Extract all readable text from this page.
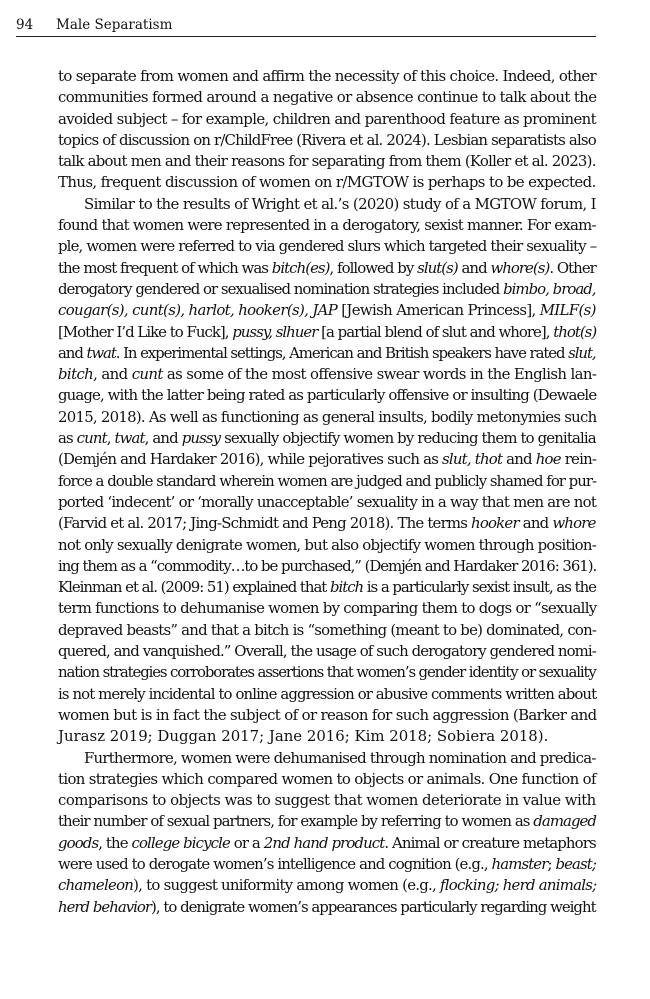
94 Male Separatism
to separate from women and affirm the necessity of this choice. Indeed, other
communities formed around a negative or absence continue to talk about the
avoided subject – for example, children and parenthood feature as prominent
topics of discussion on r/ChildFree (Rivera et al. 2024). Lesbian separatists also
talk about men and their reasons for separating from them (Koller et al. 2023).
Thus, frequent discussion of women on r/MGTOW is perhaps to be expected.
Similar to the results of Wright et al.’s (2020) study of a MGTOW forum, I
found that women were represented in a derogatory, sexist manner. For exam-
ple, women were referred to via gendered slurs which targeted their sexuality –
the most frequent of which was bitch(es), followed by slut(s) and whore(s). Other
derogatory gendered or sexualised nomination strategies included bimbo, broad,
cougar(s), cunt(s), harlot, hooker(s), JAP [Jewish American Princess], MILF(s)
[Mother I’d Like to Fuck], pussy, slhuer [a partial blend of slut and whore], thot(s)
and twat. In experimental settings, American and British speakers have rated slut,
bitch, and cunt as some of the most offensive swear words in the English lan-
guage, with the latter being rated as particularly offensive or insulting (Dewaele
2015, 2018). As well as functioning as general insults, bodily metonymies such
as cunt, twat, and pussy sexually objectify women by reducing them to genitalia
(Demjén and Hardaker 2016), while pejoratives such as slut, thot and hoe rein-
force a double standard wherein women are judged and publicly shamed for pur-
ported ‘indecent’ or ‘morally unacceptable’ sexuality in a way that men are not
(Farvid et al. 2017; Jing-Schmidt and Peng 2018). The terms hooker and whore
not only sexually denigrate women, but also objectify women through position-
ing them as a “commodity…to be purchased,” (Demjén and Hardaker 2016: 361).
Kleinman et al. (2009: 51) explained that bitch is a particularly sexist insult, as the
term functions to dehumanise women by comparing them to dogs or “sexually
depraved beasts” and that a bitch is “something (meant to be) dominated, con-
quered, and vanquished.” Overall, the usage of such derogatory gendered nomi-
nation strategies corroborates assertions that women’s gender identity or sexuality
is not merely incidental to online aggression or abusive comments written about
women but is in fact the subject of or reason for such aggression (Barker and
Jurasz 2019; Duggan 2017; Jane 2016; Kim 2018; Sobiera 2018).
Furthermore, women were dehumanised through nomination and predica-
tion strategies which compared women to objects or animals. One function of
comparisons to objects was to suggest that women deteriorate in value with
their number of sexual partners, for example by referring to women as damaged
goods, the college bicycle or a 2nd hand product. Animal or creature metaphors
were used to derogate women’s intelligence and cognition (e.g., hamster; beast;
chameleon), to suggest uniformity among women (e.g., flocking; herd animals;
herd behavior), to denigrate women’s appearances particularly regarding weight
